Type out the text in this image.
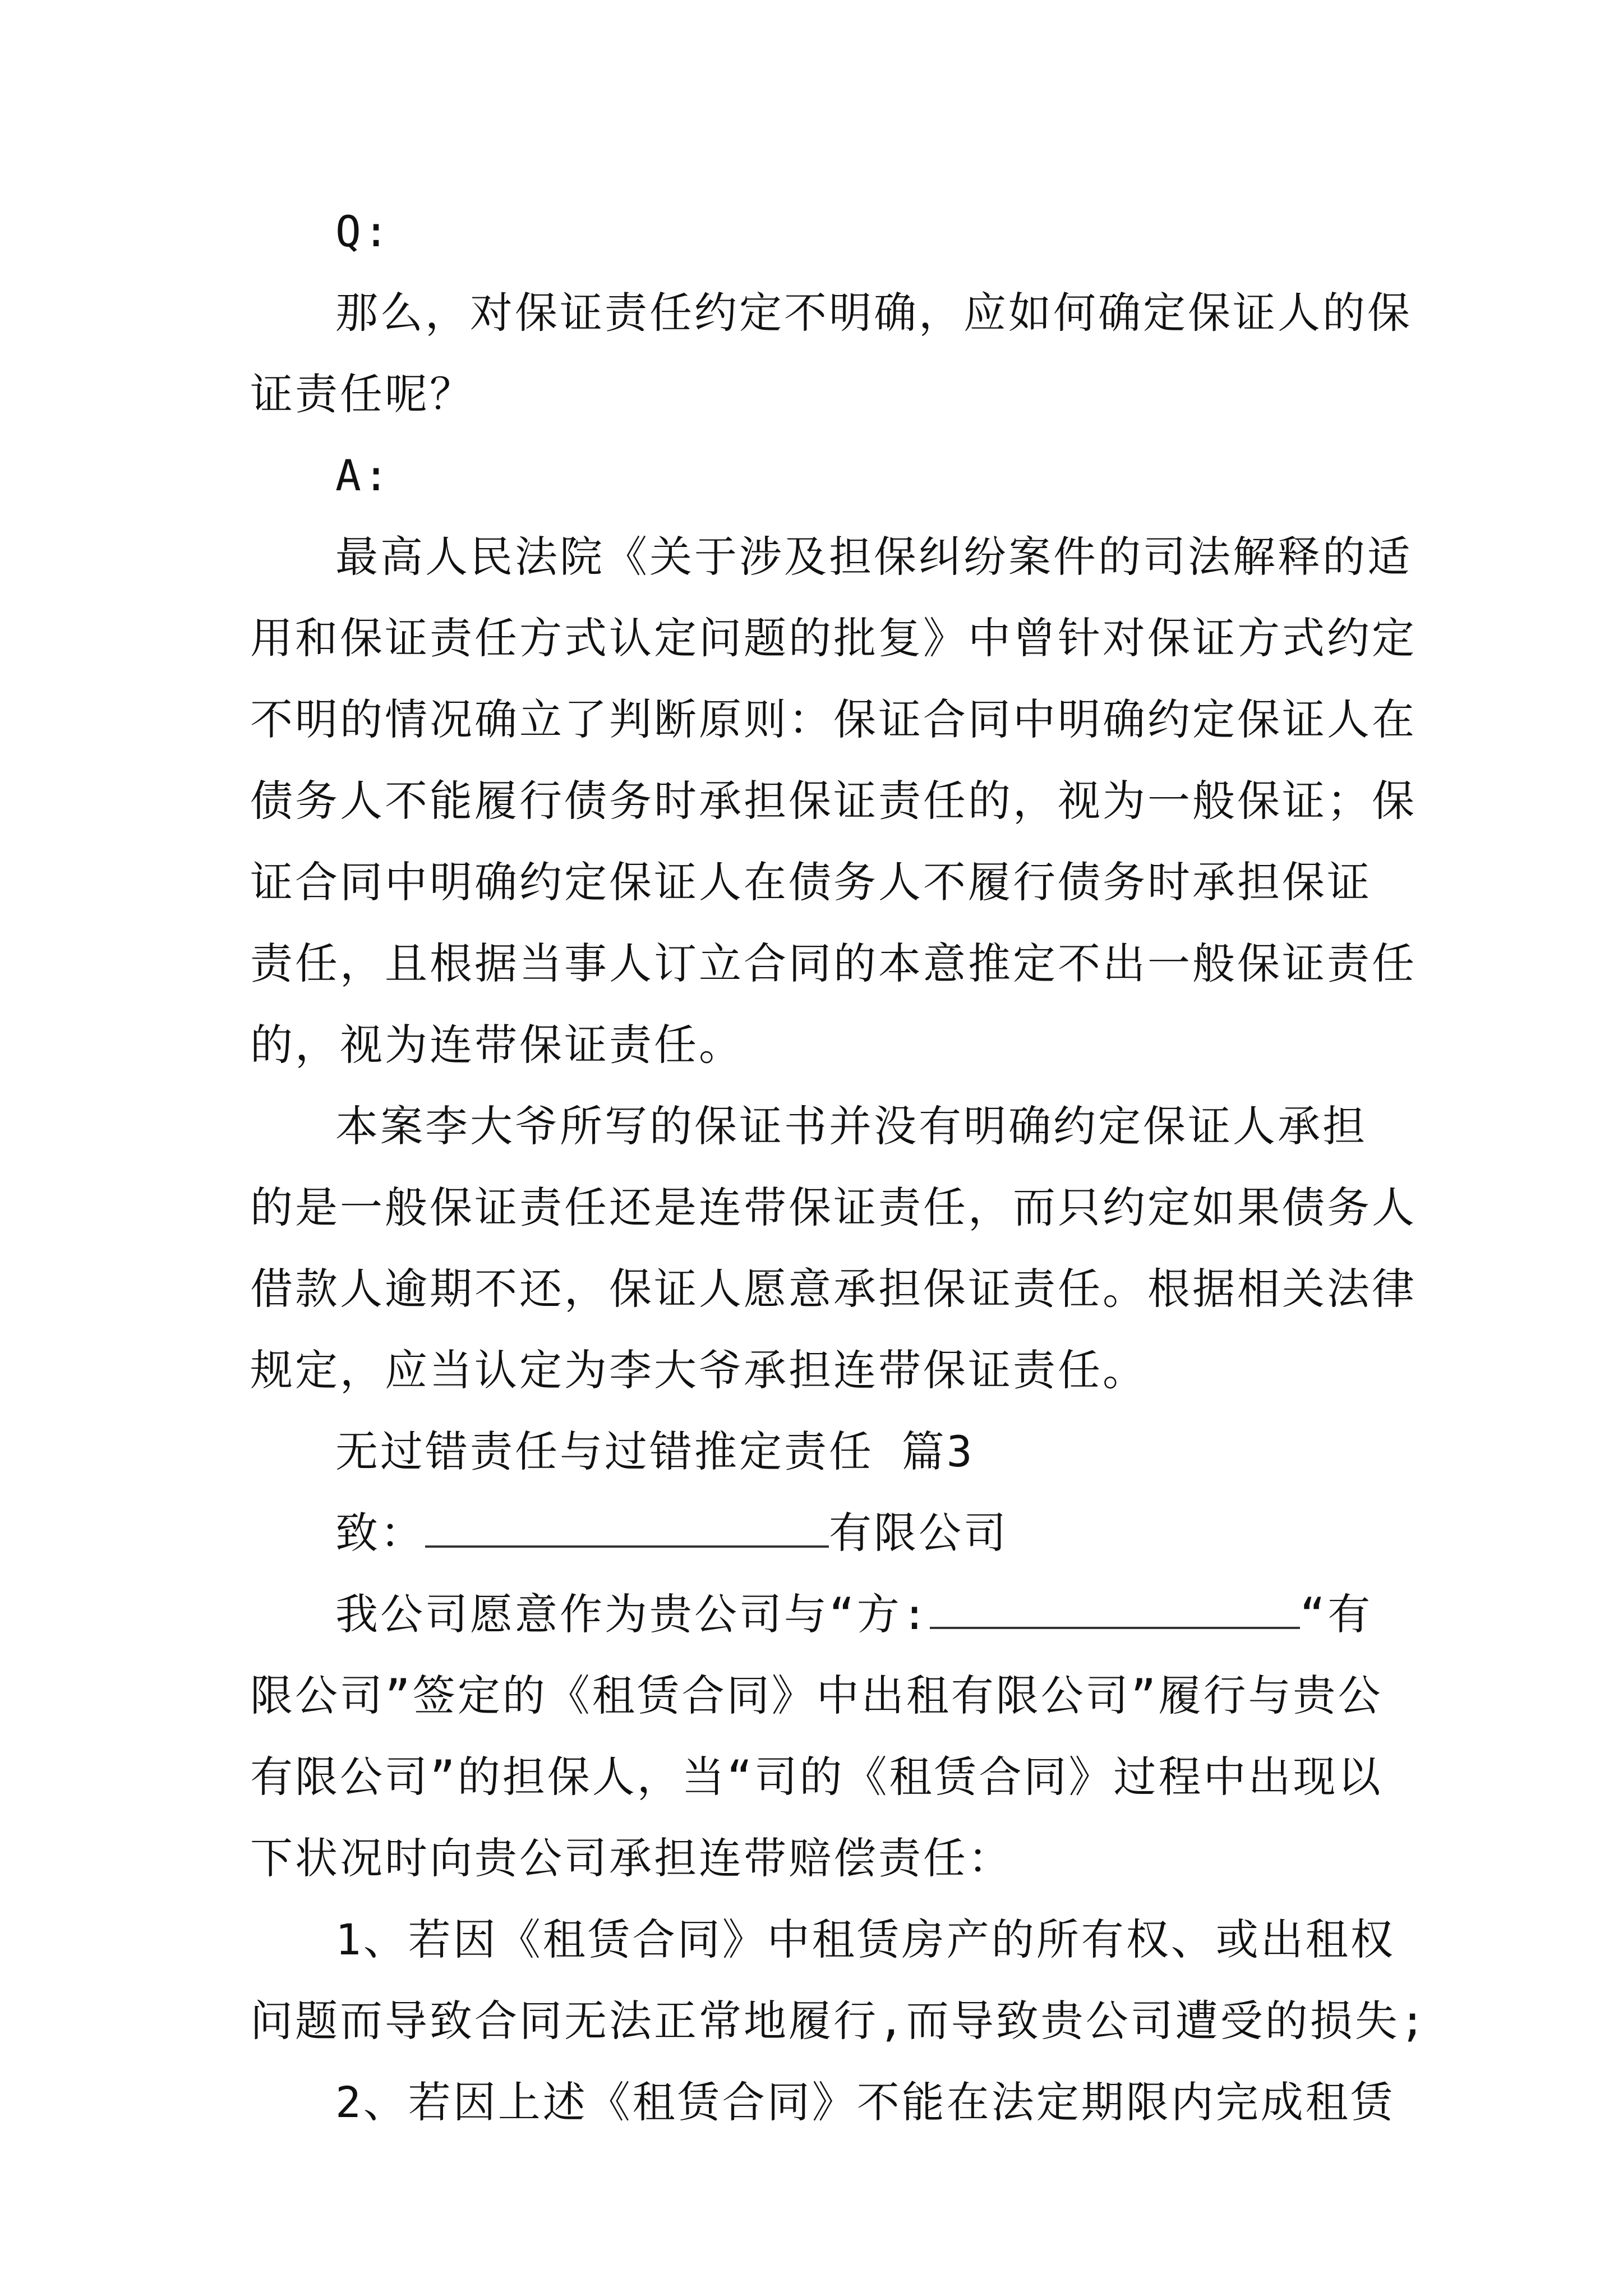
Q:
那么，对保证责任约定不明确，应如何确定保证人的保
证责任呢？
A:
最高人民法院《关于涉及担保纠纷案件的司法解释的适
用和保证责任方式认定问题的批复》中曾针对保证方式约定
不明的情况确立了判断原则：保证合同中明确约定保证人在
债务人不能履行债务时承担保证责任的，视为一般保证；保
证合同中明确约定保证人在债务人不履行债务时承担保证
责任，且根据当事人订立合同的本意推定不出一般保证责任
的，视为连带保证责任。
本案李大爷所写的保证书并没有明确约定保证人承担
的是一般保证责任还是连带保证责任，而只约定如果债务人
借款人逾期不还，保证人愿意承担保证责任。根据相关法律
规定，应当认定为李大爷承担连带保证责任。
无过错责任与过错推定责任 篇3
致：	有限公司
我公司愿意作为贵公司与“方:	“有
限公司”签定的《租赁合同》中出租有限公司”履行与贵公
有限公司”的担保人，当“司的《租赁合同》过程中出现以
下状况时向贵公司承担连带赔偿责任：
1、若因《租赁合同》中租赁房产的所有权、或出租权
问题而导致合同无法正常地履行,而导致贵公司遭受的损失;
2、若因上述《租赁合同》不能在法定期限内完成租赁
